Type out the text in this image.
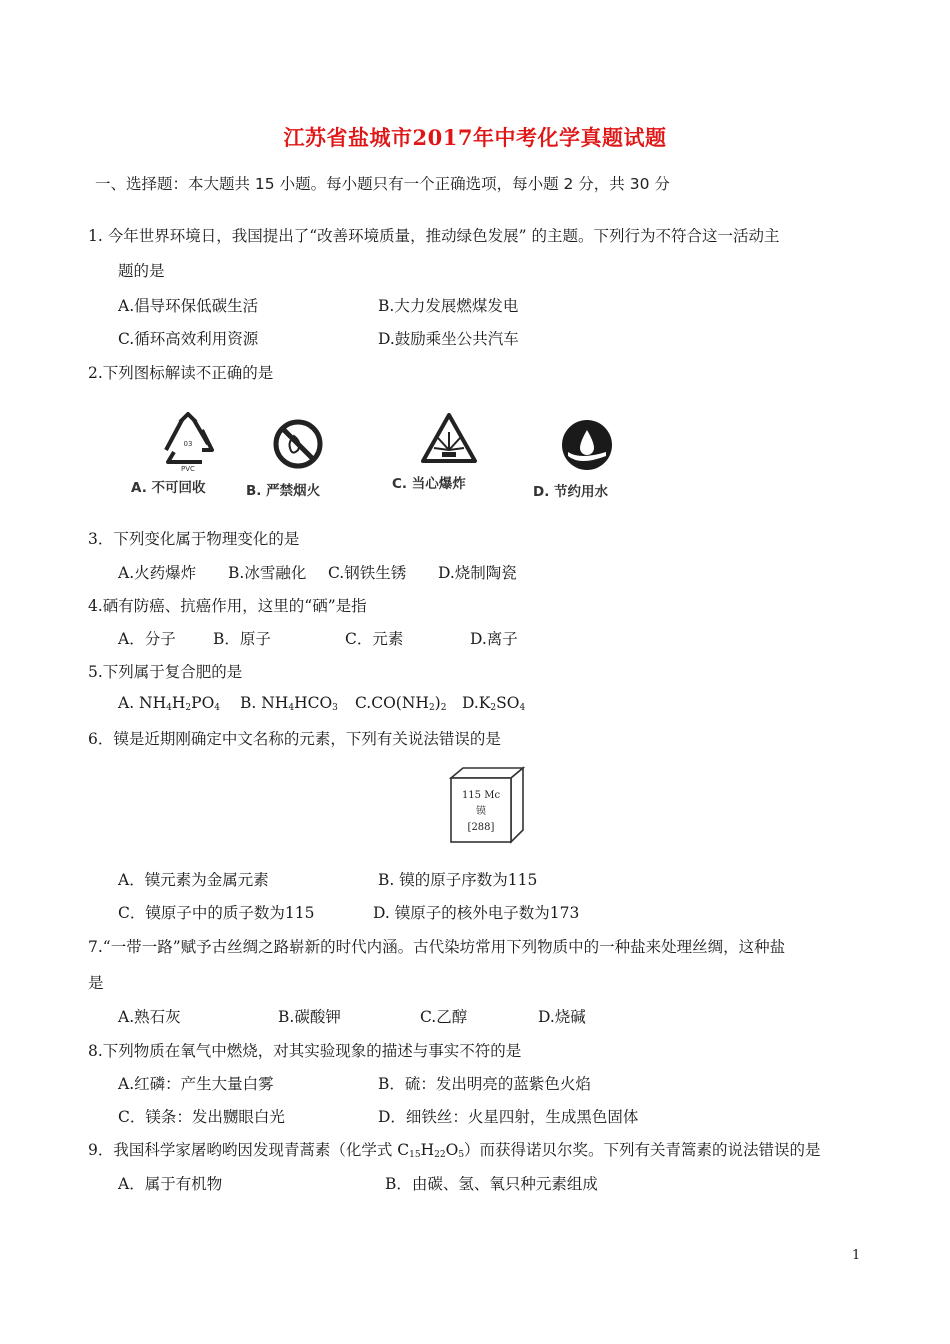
江苏省盐城市2017年中考化学真题试题
一、选择题：本大题共 15 小题。每小题只有一个正确选项，每小题 2 分，共 30 分
1. 今年世界环境日，我国提出了“改善环境质量，推动绿色发展” 的主题。下列行为不符合这一活动主
题的是
A.倡导环保低碳生活	B.大力发展燃煤发电
C.循环高效利用资源	D.鼓励乘坐公共汽车
2.下列图标解读不正确的是
03
PVC
A. 不可回收	B. 严禁烟火	C. 当心爆炸	D. 节约用水
3．下列变化属于物理变化的是
A.火药爆炸 B.冰雪融化 C.钢铁生锈 D.烧制陶瓷
4.硒有防癌、抗癌作用，这里的“硒”是指
A．分子 B．原子	C．元素	D.离子
5.下列属于复合肥的是
A. $NH_4H_2PO_4$ B. $NH_4HCO_3$ $C.CO(NH_2)_2$ $D.K_2SO_4$
6．镆是近期刚确定中文名称的元素，下列有关说法错误的是
115 Mc
镆
[288]
A．镆元素为金属元素	B. 镆的原子序数为115
C．镆原子中的质子数为115	D. 镆原子的核外电子数为173
7.“一带一路”赋予古丝绸之路崭新的时代内涵。古代染坊常用下列物质中的一种盐来处理丝绸，这种盐
是
A.熟石灰	B.碳酸钾	C.乙醇	D.烧碱
8.下列物质在氧气中燃烧，对其实验现象的描述与事实不符的是
A.红磷：产生大量白雾	B．硫：发出明亮的蓝紫色火焰
C．镁条：发出嬲眼白光	D．细铁丝：火星四射，生成黑色固体
9．我国科学家屠哟哟因发现青蒿素（化学式 $C_{15}H_{22}O_5$）而获得诺贝尔奖。下列有关青篙素的说法错误的是
A．属于有机物	B．由碳、氢、氧只种元素组成
1
